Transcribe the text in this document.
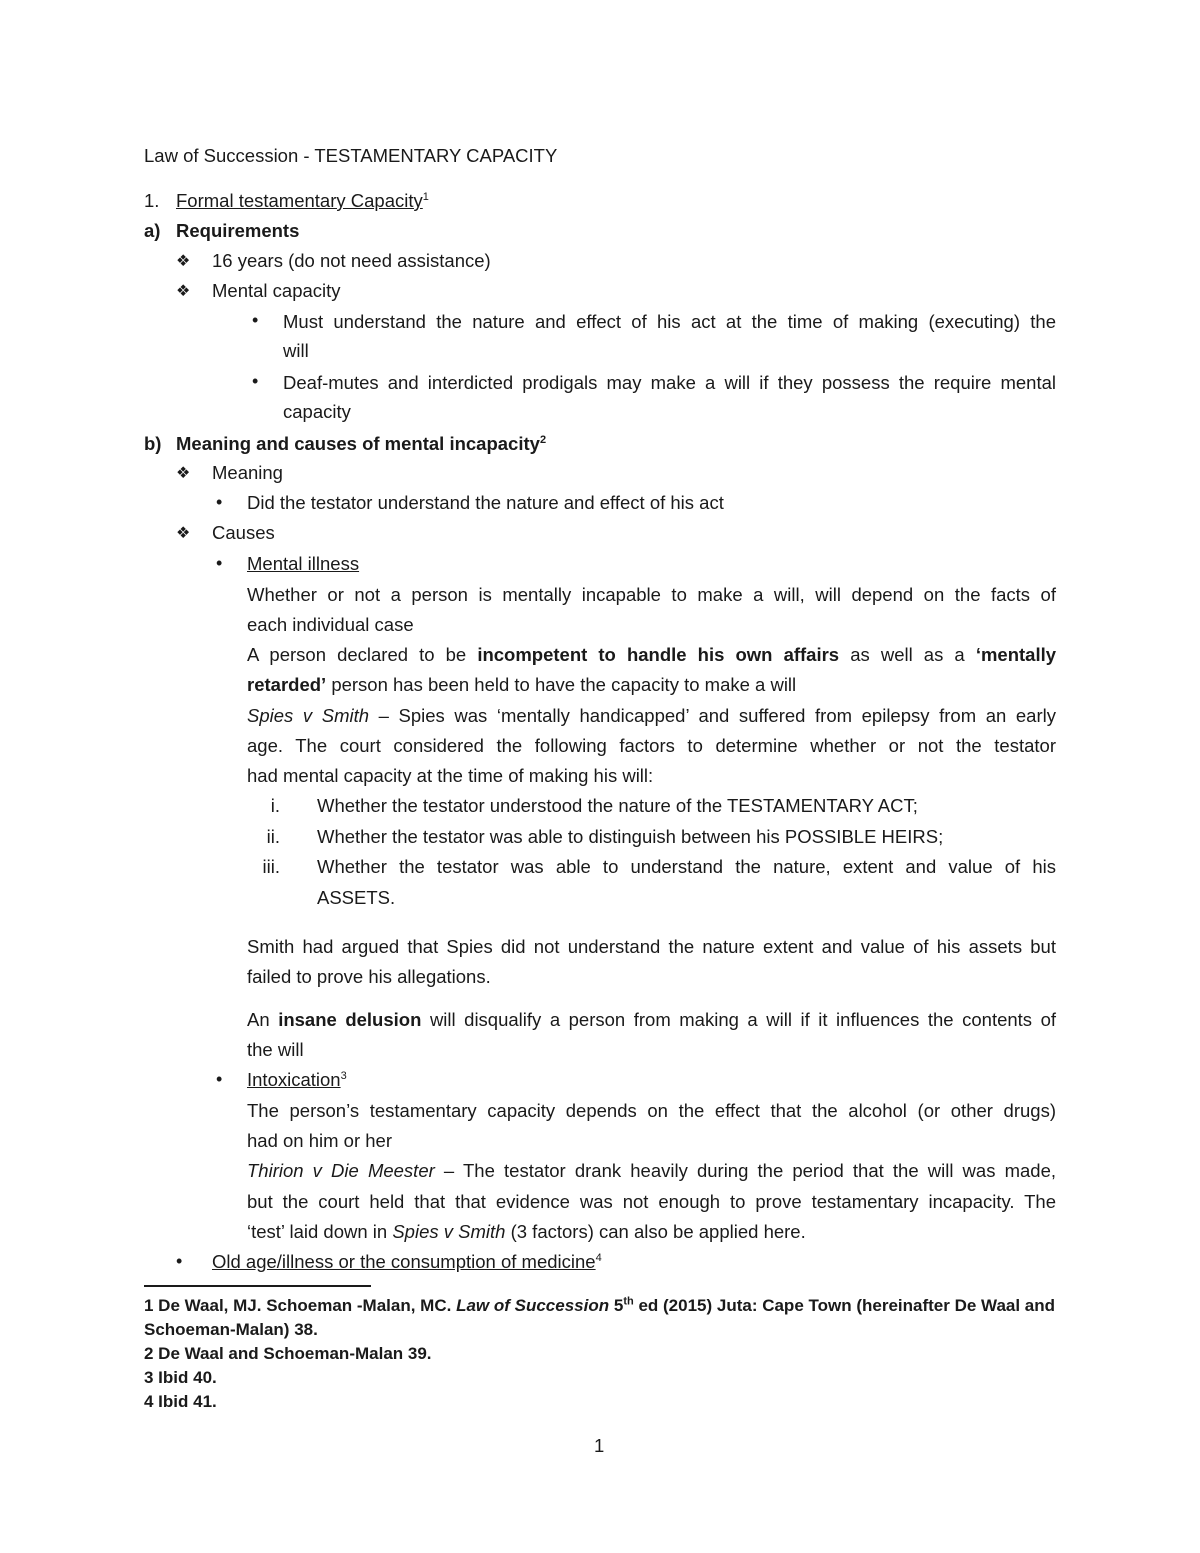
Law of Succession - TESTAMENTARY CAPACITY
1. Formal testamentary Capacity$^1$
a) Requirements
❖ 16 years (do not need assistance)
❖ Mental capacity
• Must understand the nature and effect of his act at the time of making (executing) the
will
• Deaf-mutes and interdicted prodigals may make a will if they possess the require mental
capacity
b) Meaning and causes of mental incapacity$^2$
❖ Meaning
• Did the testator understand the nature and effect of his act
❖ Causes
• Mental illness
Whether or not a person is mentally incapable to make a will, will depend on the facts of
each individual case
A person declared to be incompetent to handle his own affairs as well as a ‘mentally
retarded’ person has been held to have the capacity to make a will
Spies v Smith – Spies was ‘mentally handicapped’ and suffered from epilepsy from an early
age. The court considered the following factors to determine whether or not the testator
had mental capacity at the time of making his will:
i. Whether the testator understood the nature of the TESTAMENTARY ACT;
ii. Whether the testator was able to distinguish between his POSSIBLE HEIRS;
iii. Whether the testator was able to understand the nature, extent and value of his
ASSETS.
Smith had argued that Spies did not understand the nature extent and value of his assets but
failed to prove his allegations.
An insane delusion will disqualify a person from making a will if it influences the contents of
the will
• Intoxication$^3$
The person’s testamentary capacity depends on the effect that the alcohol (or other drugs)
had on him or her
Thirion v Die Meester – The testator drank heavily during the period that the will was made,
but the court held that that evidence was not enough to prove testamentary incapacity. The
‘test’ laid down in Spies v Smith (3 factors) can also be applied here.
• Old age/illness or the consumption of medicine$^4$
1 De Waal, MJ. Schoeman -Malan, MC. Law of Succession 5th ed (2015) Juta: Cape Town (hereinafter De Waal and
Schoeman-Malan) 38.
2 De Waal and Schoeman-Malan 39.
3 Ibid 40.
4 Ibid 41.
1
